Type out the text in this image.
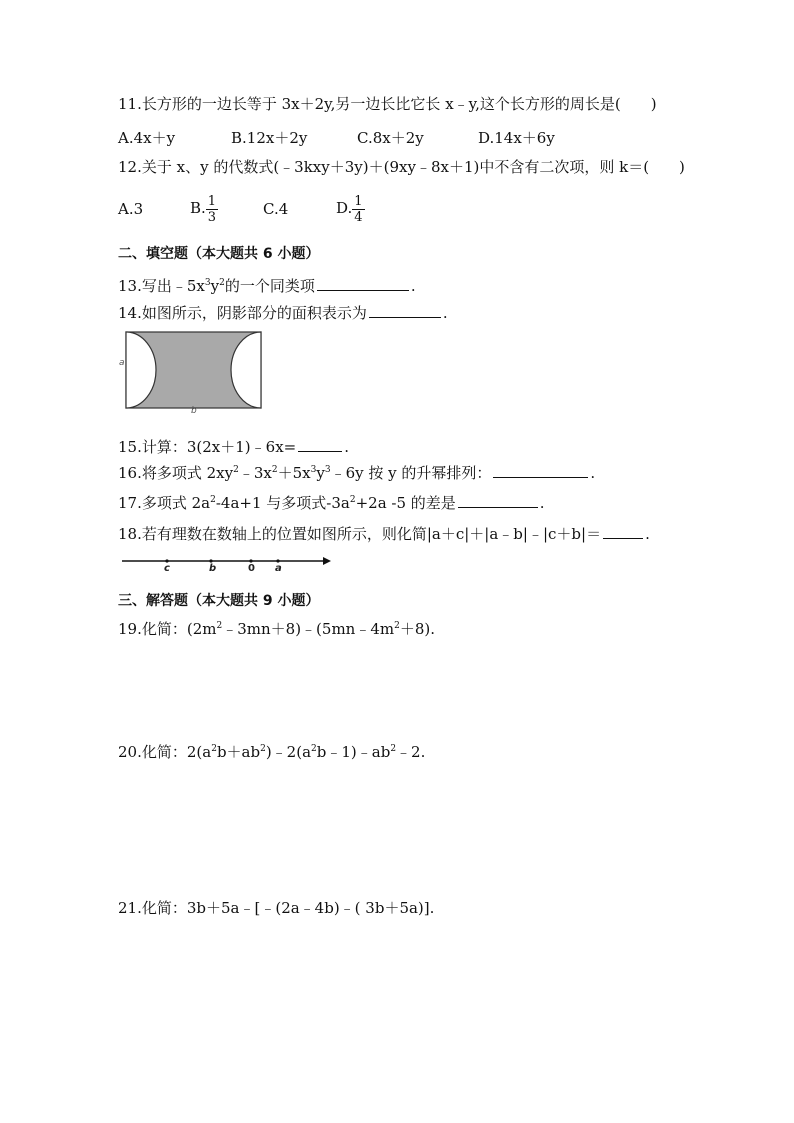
11.长方形的一边长等于 3x＋2y,另一边长比它长 x﹣y,这个长方形的周长是(　　)
A.4x＋y	B.12x＋2y	C.8x＋2y	D.14x＋6y
12.关于 x、y 的代数式(﹣3kxy＋3y)＋(9xy﹣8x＋1)中不含有二次项，则 k＝(　　)
A.3	B. $\frac{1}{3}$	C.4	D. $\frac{1}{4}$
二、填空题（本大题共 6 小题）
13.写出$﹣5x^3y^2$的一个同类项	.
14.如图所示，阴影部分的面积表示为	.
a
b
15.计算：3(2x＋1)﹣6x=	.
16.将多项式 $2xy^2﹣3x^2+5x^3y^3﹣6y$ 按 y 的升幂排列：	.
17.多项式 $2a^2-4a+1$ 与多项式$-3a^2+2a$ -5 的差是	.
18.若有理数在数轴上的位置如图所示，则化简|a＋c|＋|a﹣b|﹣|c＋b|＝	.
c	b	0 a
三、解答题（本大题共 9 小题）
19.化简：$(2m^2﹣3mn+8)﹣(5mn﹣4m^2+8)$.
20.化简：$2(a^2b+ab^2)﹣2(a^2b﹣1)﹣ab^2﹣2$.
21.化简：3b＋5a﹣[﹣(2a﹣4b)﹣( 3b＋5a)].
